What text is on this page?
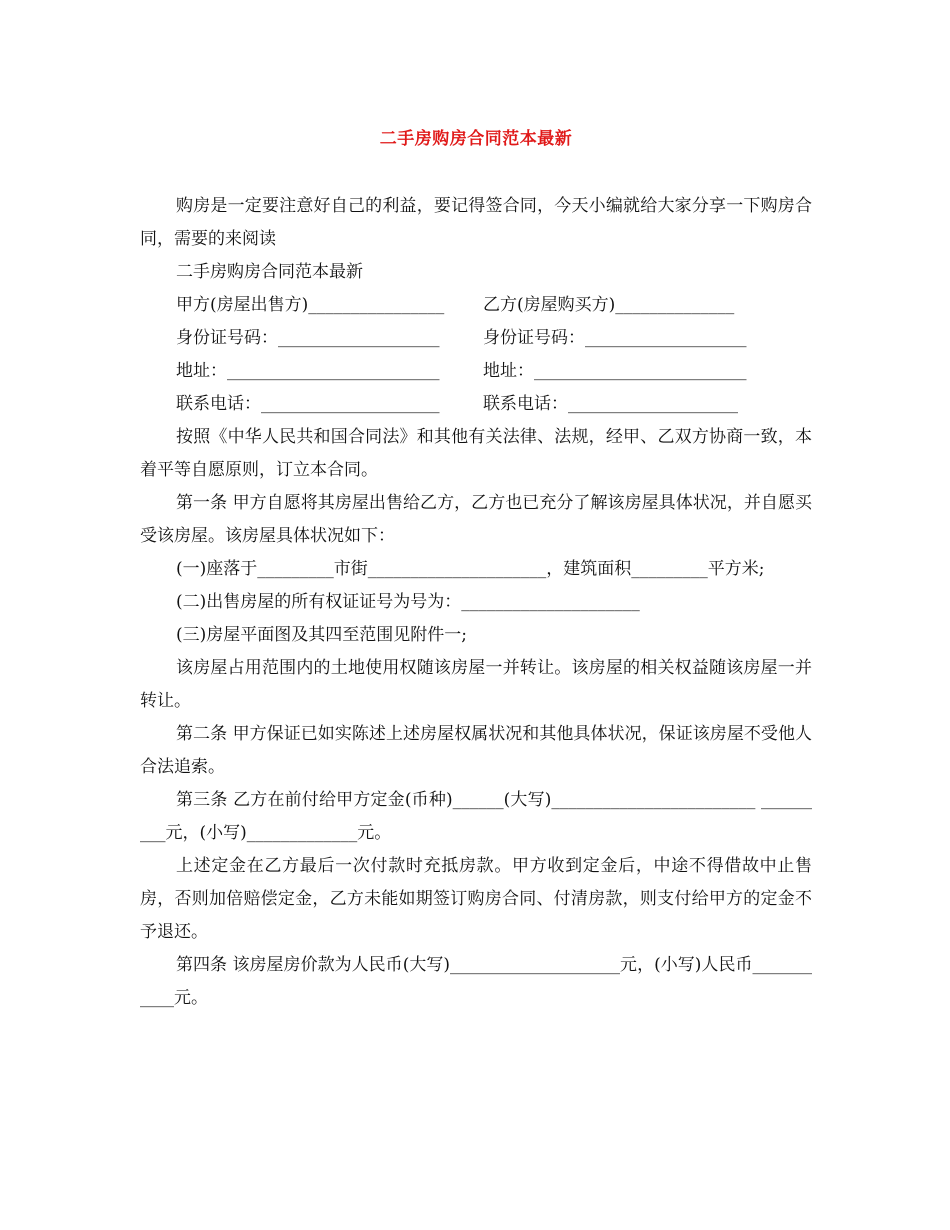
二手房购房合同范本最新

购房是一定要注意好自己的利益，要记得签合同，今天小编就给大家分享一下购房合同，需要的来阅读

二手房购房合同范本最新

甲方(房屋出售方)________________	乙方(房屋购买方)______________
身份证号码：___________________	身份证号码：___________________
地址：_________________________	地址：_________________________
联系电话：_____________________	联系电话：____________________

按照《中华人民共和国合同法》和其他有关法律、法规，经甲、乙双方协商一致，本着平等自愿原则，订立本合同。

第一条 甲方自愿将其房屋出售给乙方，乙方也已充分了解该房屋具体状况，并自愿买受该房屋。该房屋具体状况如下：

(一)座落于_________市街_____________________，建筑面积_________平方米;

(二)出售房屋的所有权证证号为号为：_____________________

(三)房屋平面图及其四至范围见附件一;

该房屋占用范围内的土地使用权随该房屋一并转让。该房屋的相关权益随该房屋一并转让。

第二条 甲方保证已如实陈述上述房屋权属状况和其他具体状况，保证该房屋不受他人合法追索。

第三条 乙方在前付给甲方定金(币种)______(大写)________________________ _________元，(小写)_____________元。

上述定金在乙方最后一次付款时充抵房款。甲方收到定金后，中途不得借故中止售房，否则加倍赔偿定金，乙方未能如期签订购房合同、付清房款，则支付给甲方的定金不予退还。

第四条 该房屋房价款为人民币(大写)____________________元，(小写)人民币___________元。
